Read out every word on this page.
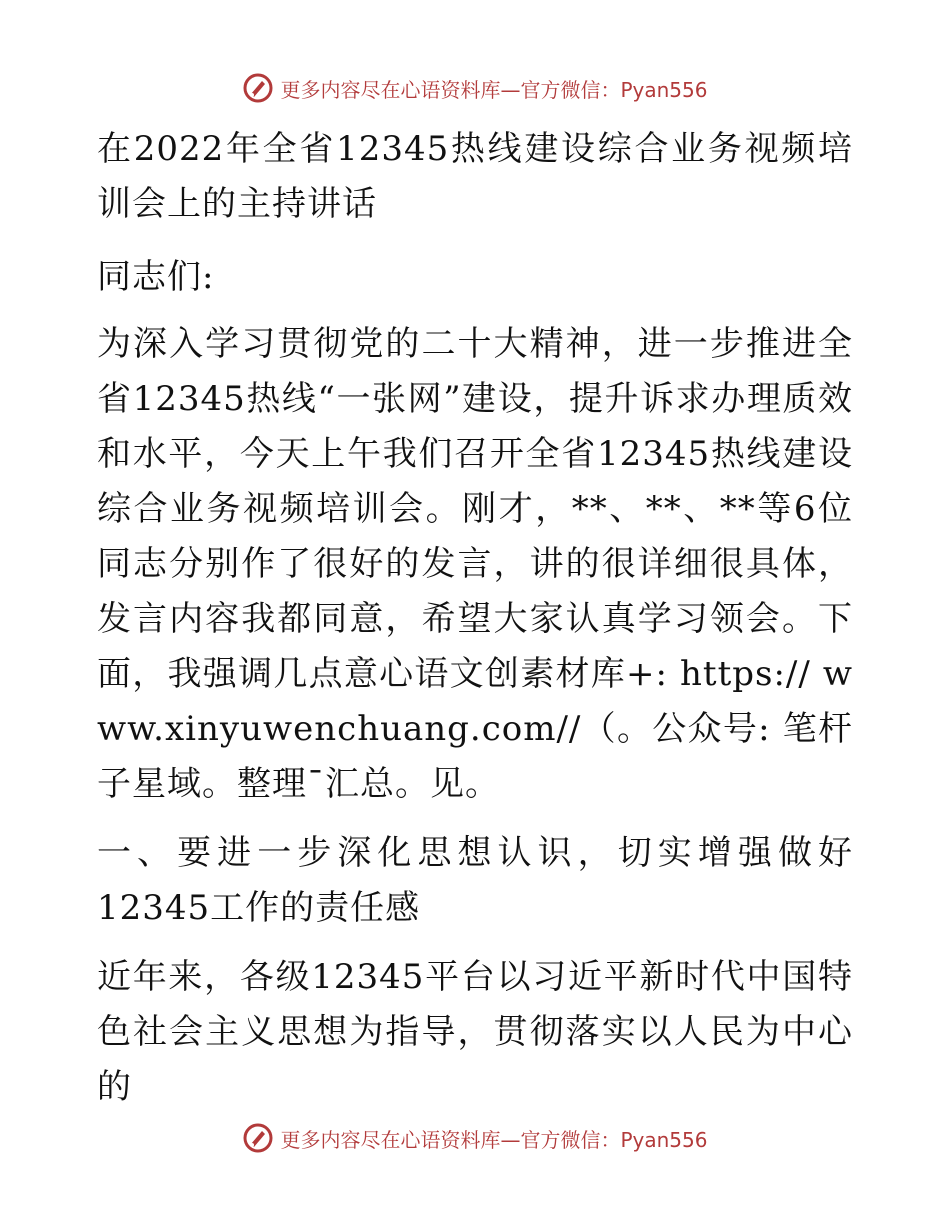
更多内容尽在心语资料库—官方微信：Pyan556

在2022年全省12345热线建设综合业务视频培训会上的主持讲话

同志们:

为深入学习贯彻党的二十大精神，进一步推进全省12345热线“一张网”建设，提升诉求办理质效和水平，今天上午我们召开全省12345热线建设综合业务视频培训会。刚才，**、**、**等6位同志分别作了很好的发言，讲的很详细很具体，发言内容我都同意，希望大家认真学习领会。下面，我强调几点意心语文创素材库+: https:// www.xinyuwenchuang.com//（。公众号: 笔杆子星域。整理¯汇总。见。

一、要进一步深化思想认识，切实增强做好12345工作的责任感

近年来，各级12345平台以习近平新时代中国特色社会主义思想为指导，贯彻落实以人民为中心的

更多内容尽在心语资料库—官方微信：Pyan556
